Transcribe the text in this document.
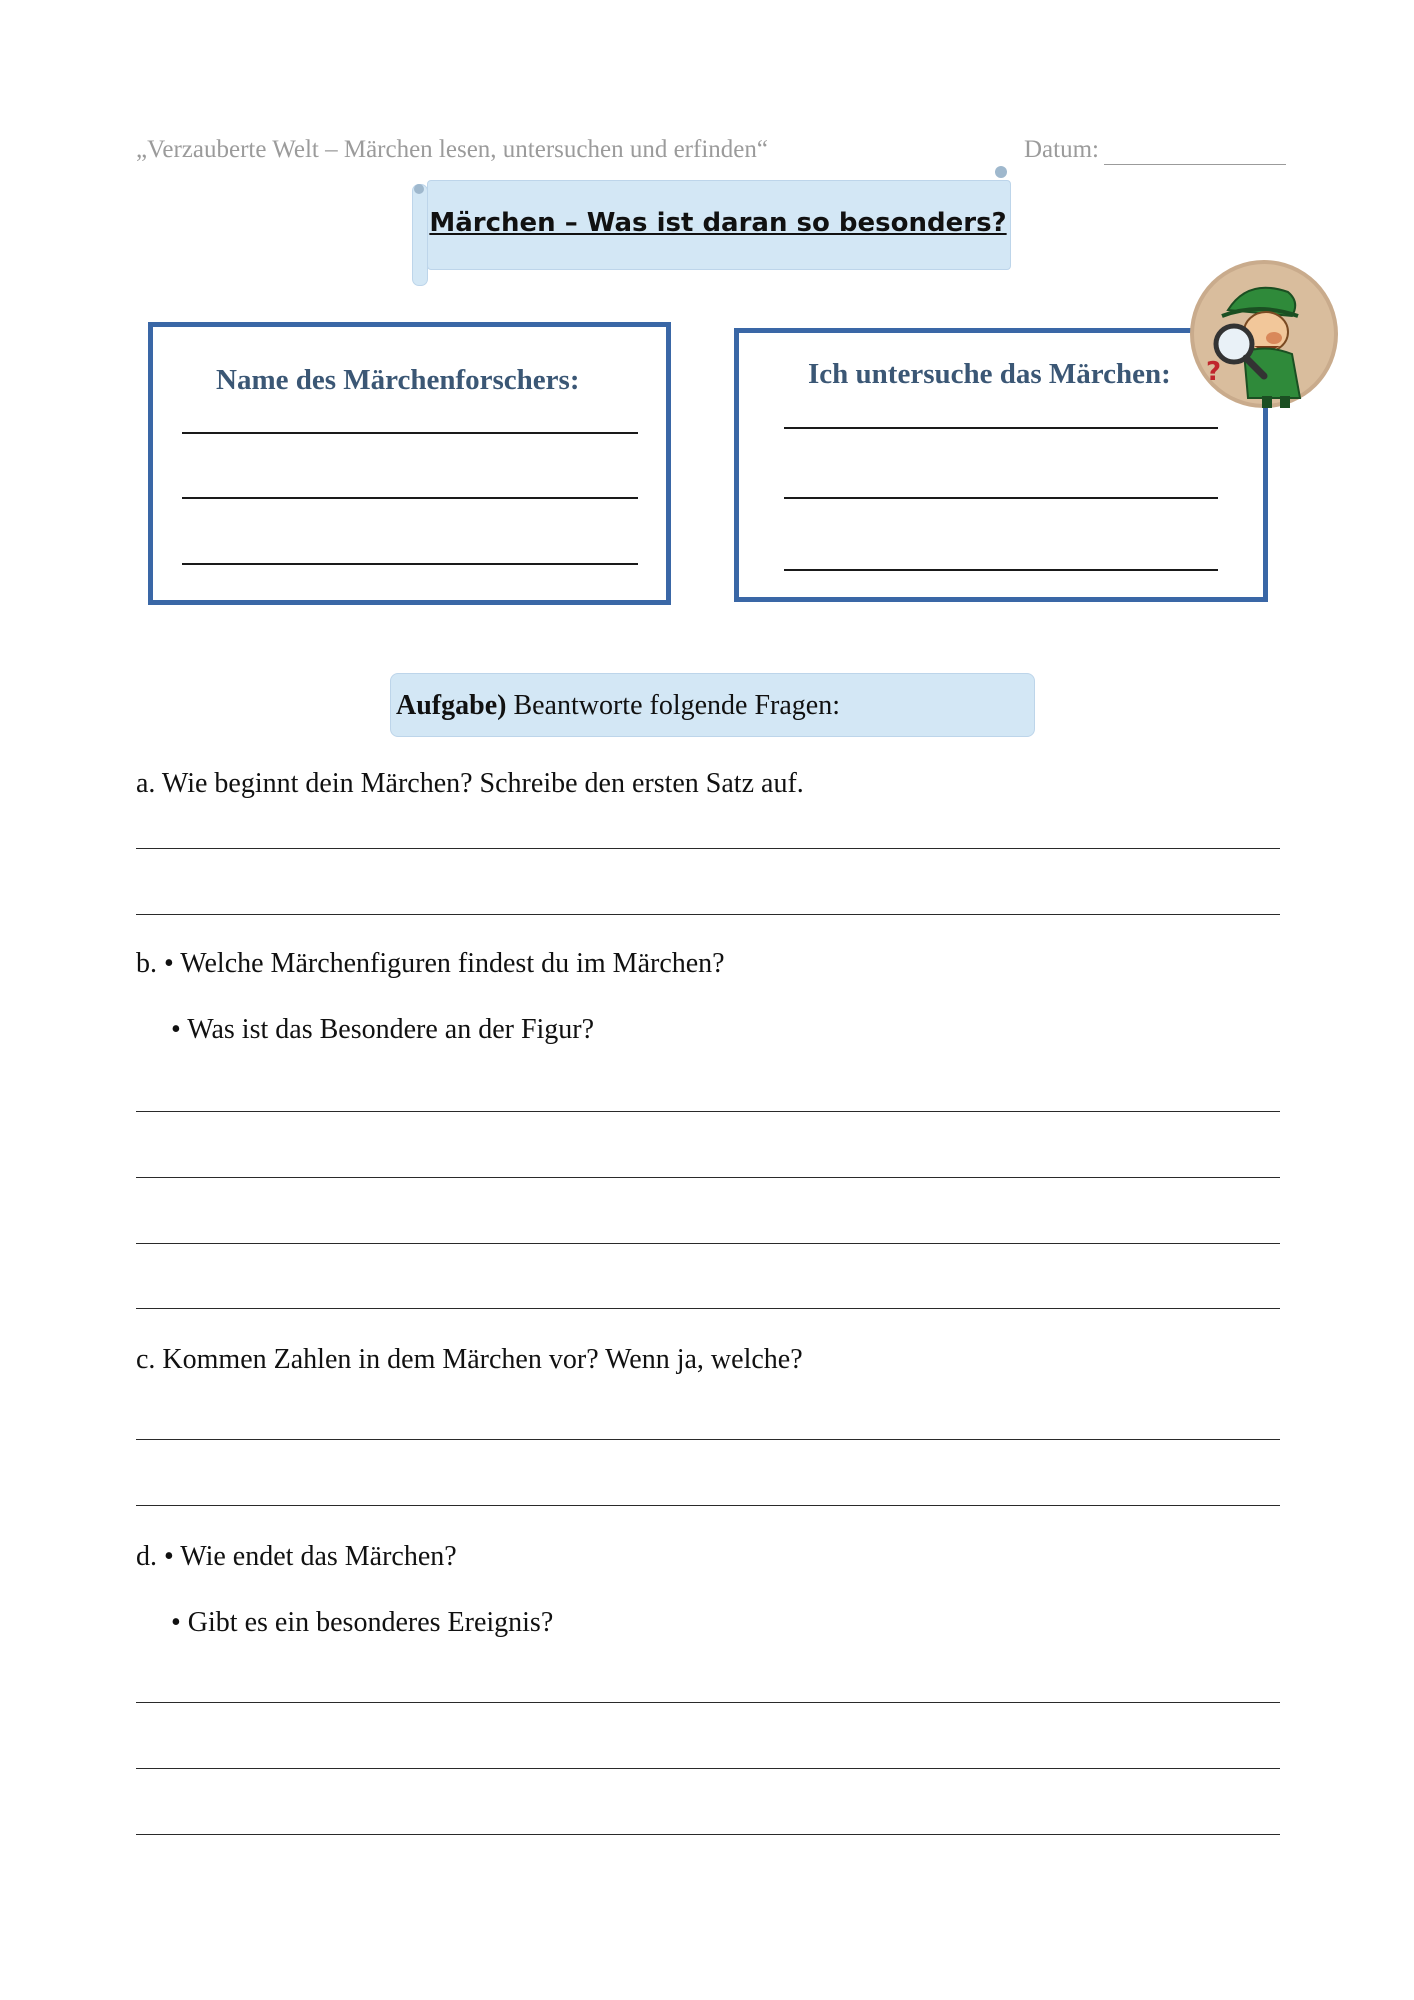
„Verzauberte Welt – Märchen lesen, untersuchen und erfinden“	Datum:
Märchen – Was ist daran so besonders?
Name des Märchenforschers:	Ich untersuche das Märchen: ?
Aufgabe) Beantworte folgende Fragen:
a. Wie beginnt dein Märchen? Schreibe den ersten Satz auf.
b. • Welche Märchenfiguren findest du im Märchen?
• Was ist das Besondere an der Figur?
c. Kommen Zahlen in dem Märchen vor? Wenn ja, welche?
d. • Wie endet das Märchen?
• Gibt es ein besonderes Ereignis?
